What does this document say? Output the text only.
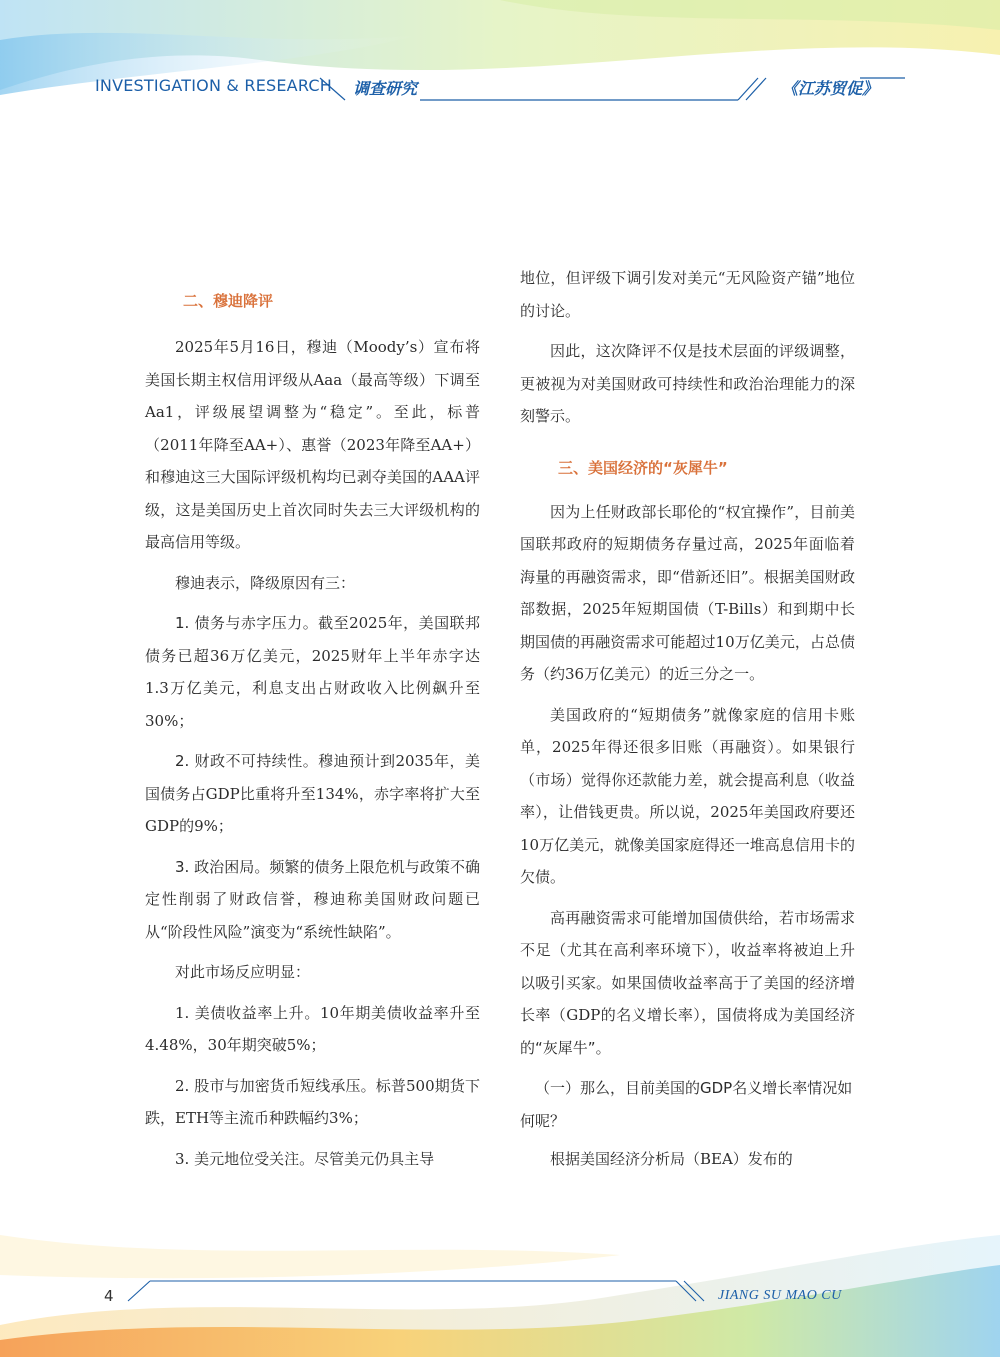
INVESTIGATION & RESEARCH 调查研究	《江苏贸促》
二、穆迪降评

2025年5月16日，穆迪（Moody’s）宣布将美国长期主权信用评级从Aaa（最高等级）下调至Aa1，评级展望调整为“稳定”。至此，标普（2011年降至AA+）、惠誉（2023年降至AA+）和穆迪这三大国际评级机构均已剥夺美国的AAA评级，这是美国历史上首次同时失去三大评级机构的最高信用等级。

穆迪表示，降级原因有三：

1. 债务与赤字压力。截至2025年，美国联邦债务已超36万亿美元，2025财年上半年赤字达1.3万亿美元，利息支出占财政收入比例飙升至30%；

2. 财政不可持续性。穆迪预计到2035年，美国债务占GDP比重将升至134%，赤字率将扩大至GDP的9%；

3. 政治困局。频繁的债务上限危机与政策不确定性削弱了财政信誉，穆迪称美国财政问题已从“阶段性风险”演变为“系统性缺陷”。

对此市场反应明显：

1. 美债收益率上升。10年期美债收益率升至4.48%，30年期突破5%；

2. 股市与加密货币短线承压。标普500期货下跌，ETH等主流币种跌幅约3%；

3. 美元地位受关注。尽管美元仍具主导

地位，但评级下调引发对美元“无风险资产锚”地位的讨论。

因此，这次降评不仅是技术层面的评级调整，更被视为对美国财政可持续性和政治治理能力的深刻警示。

三、美国经济的“灰犀牛”

因为上任财政部长耶伦的“权宜操作”，目前美国联邦政府的短期债务存量过高，2025年面临着海量的再融资需求，即“借新还旧”。根据美国财政部数据，2025年短期国债（T-Bills）和到期中长期国债的再融资需求可能超过10万亿美元，占总债务（约36万亿美元）的近三分之一。

美国政府的“短期债务”就像家庭的信用卡账单，2025年得还很多旧账（再融资）。如果银行（市场）觉得你还款能力差，就会提高利息（收益率），让借钱更贵。所以说，2025年美国政府要还10万亿美元，就像美国家庭得还一堆高息信用卡的欠债。

高再融资需求可能增加国债供给，若市场需求不足（尤其在高利率环境下），收益率将被迫上升以吸引买家。如果国债收益率高于了美国的经济增长率（GDP的名义增长率），国债将成为美国经济的“灰犀牛”。

（一）那么，目前美国的GDP名义增长率情况如何呢？

根据美国经济分析局（BEA）发布的

4	JIANG SU MAO CU
